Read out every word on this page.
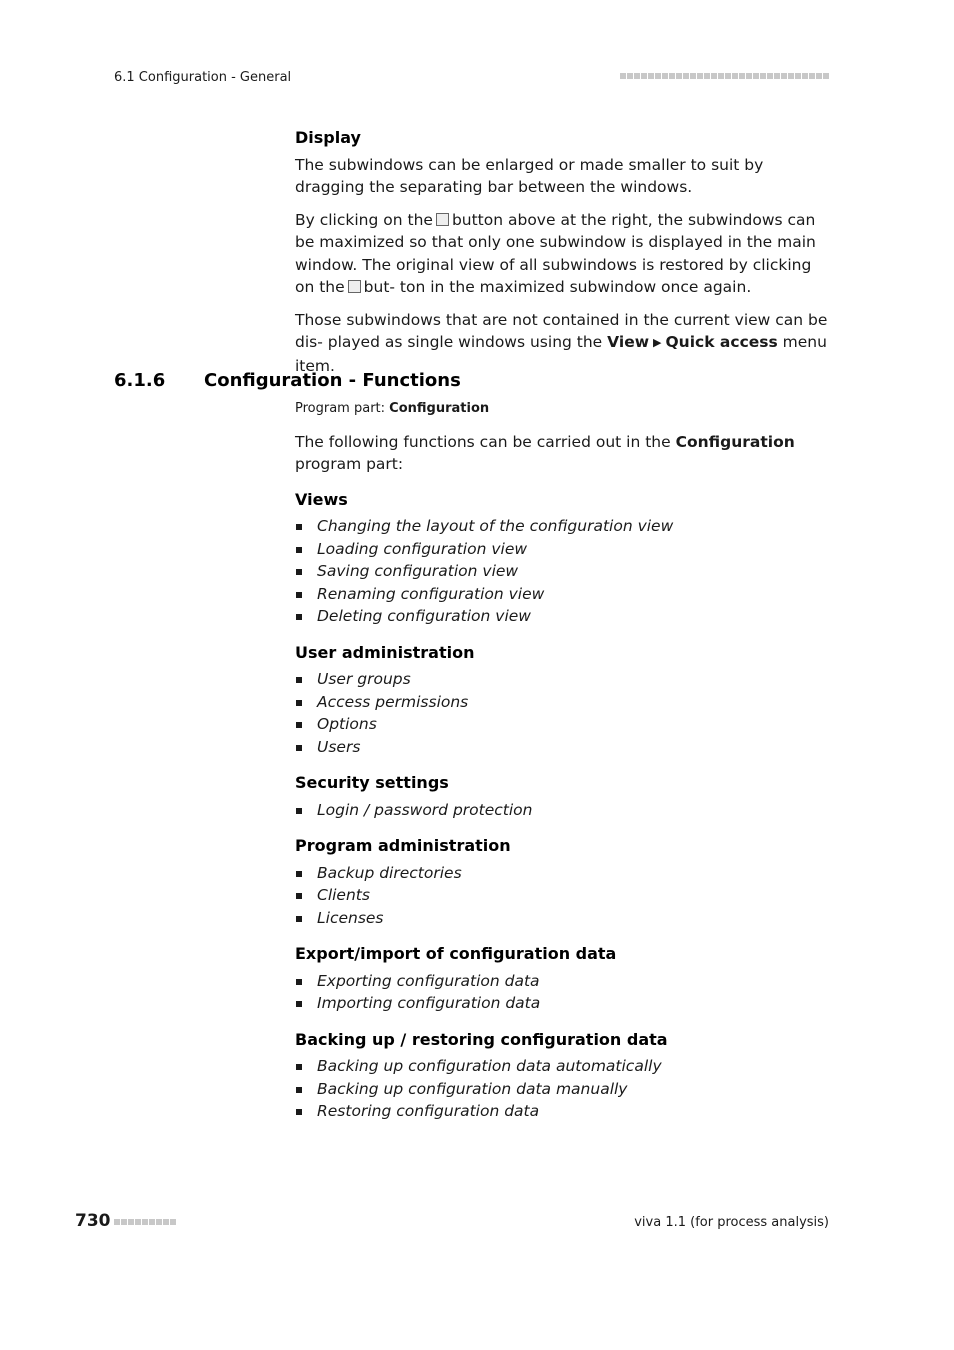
6.1 Configuration - General
Display

The subwindows can be enlarged or made smaller to suit by dragging the separating bar between the windows.

By clicking on the button above at the right, the subwindows can be maximized so that only one subwindow is displayed in the main window. The original view of all subwindows is restored by clicking on the but- ton in the maximized subwindow once again.

Those subwindows that are not contained in the current view can be dis- played as single windows using the View ▶ Quick access menu item.

6.1.6 Configuration - Functions
Program part: Configuration

The following functions can be carried out in the Configuration program part:

Views
Changing the layout of the configuration view
Loading configuration view
Saving configuration view
Renaming configuration view
Deleting configuration view
User administration
User groups
Access permissions
Options
Users
Security settings
Login / password protection
Program administration
Backup directories
Clients
Licenses
Export/import of configuration data
Exporting configuration data
Importing configuration data
Backing up / restoring configuration data
Backing up configuration data automatically
Backing up configuration data manually
Restoring configuration data
730	viva 1.1 (for process analysis)
